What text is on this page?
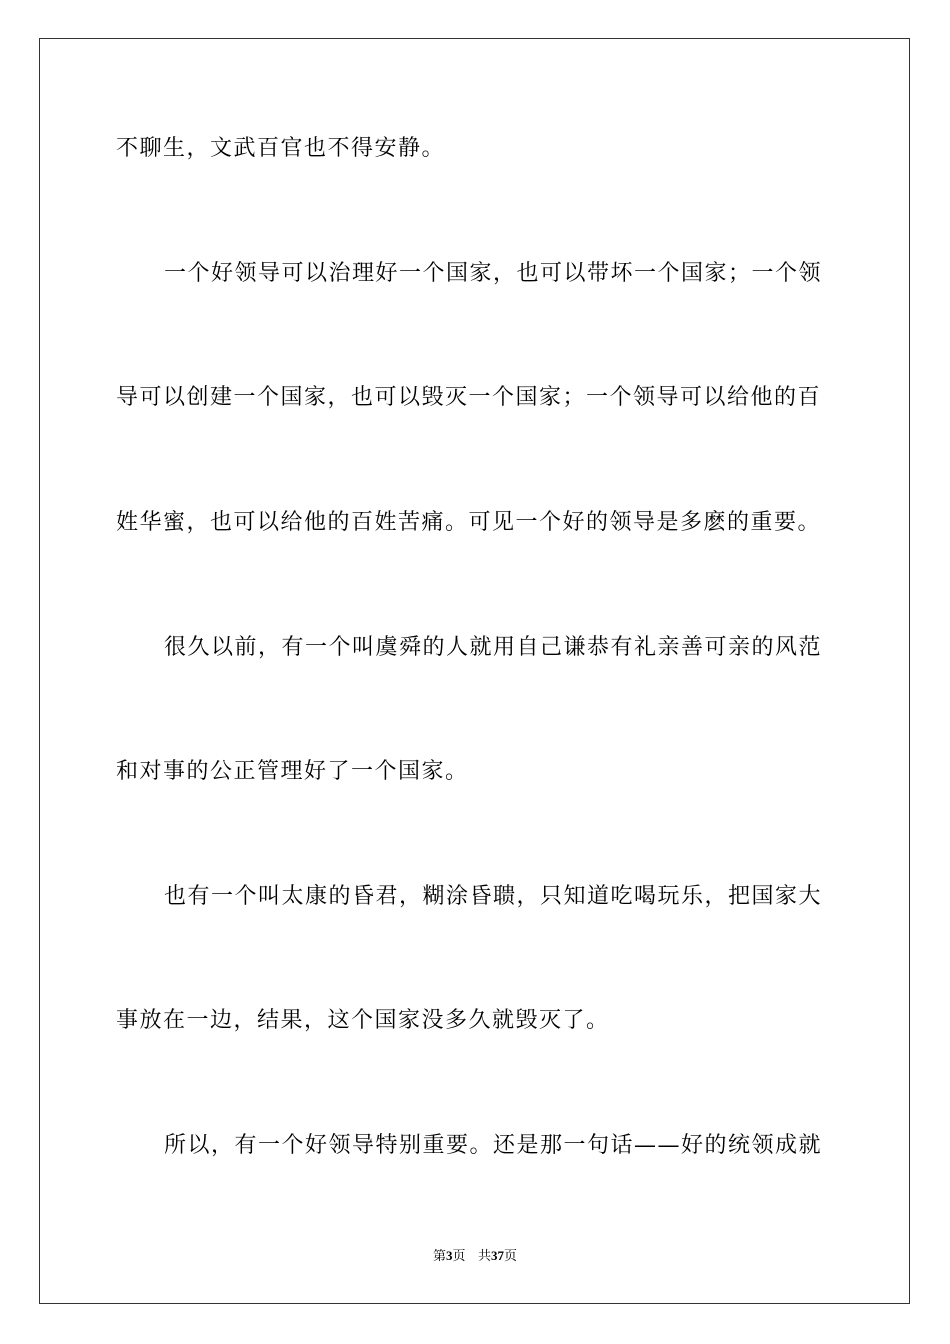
不聊生，文武百官也不得安静。
一个好领导可以治理好一个国家，也可以带坏一个国家；一个领
导可以创建一个国家，也可以毁灭一个国家；一个领导可以给他的百
姓华蜜，也可以给他的百姓苦痛。可见一个好的领导是多麽的重要。
很久以前，有一个叫虞舜的人就用自己谦恭有礼亲善可亲的风范
和对事的公正管理好了一个国家。
也有一个叫太康的昏君，糊涂昏聩，只知道吃喝玩乐，把国家大
事放在一边，结果，这个国家没多久就毁灭了。
所以，有一个好领导特别重要。还是那一句话——好的统领成就
第3页 共37页
